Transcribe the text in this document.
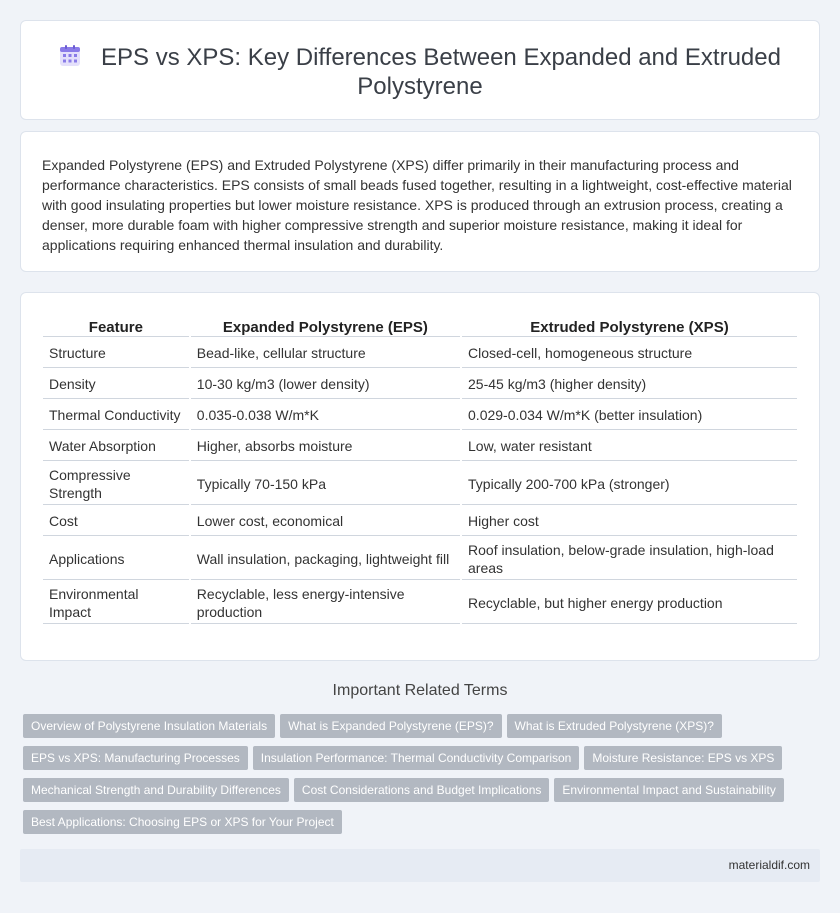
EPS vs XPS: Key Differences Between Expanded and Extruded Polystyrene

Expanded Polystyrene (EPS) and Extruded Polystyrene (XPS) differ primarily in their manufacturing process and performance characteristics. EPS consists of small beads fused together, resulting in a lightweight, cost-effective material with good insulating properties but lower moisture resistance. XPS is produced through an extrusion process, creating a denser, more durable foam with higher compressive strength and superior moisture resistance, making it ideal for applications requiring enhanced thermal insulation and durability.

Feature	Expanded Polystyrene (EPS)	Extruded Polystyrene (XPS)
Structure	Bead-like, cellular structure	Closed-cell, homogeneous structure
Density	10-30 kg/m3 (lower density)	25-45 kg/m3 (higher density)
Thermal Conductivity	0.035-0.038 W/m*K	0.029-0.034 W/m*K (better insulation)
Water Absorption	Higher, absorbs moisture	Low, water resistant
Compressive Strength	Typically 70-150 kPa	Typically 200-700 kPa (stronger)
Cost	Lower cost, economical	Higher cost
Applications	Wall insulation, packaging, lightweight fill	Roof insulation, below-grade insulation, high-load areas
Environmental Impact	Recyclable, less energy-intensive production	Recyclable, but higher energy production
Important Related Terms
Overview of Polystyrene Insulation Materials What is Expanded Polystyrene (EPS)? What is Extruded Polystyrene (XPS)?
EPS vs XPS: Manufacturing Processes Insulation Performance: Thermal Conductivity Comparison Moisture Resistance: EPS vs XPS
Mechanical Strength and Durability Differences Cost Considerations and Budget Implications Environmental Impact and Sustainability
Best Applications: Choosing EPS or XPS for Your Project
materialdif.com
